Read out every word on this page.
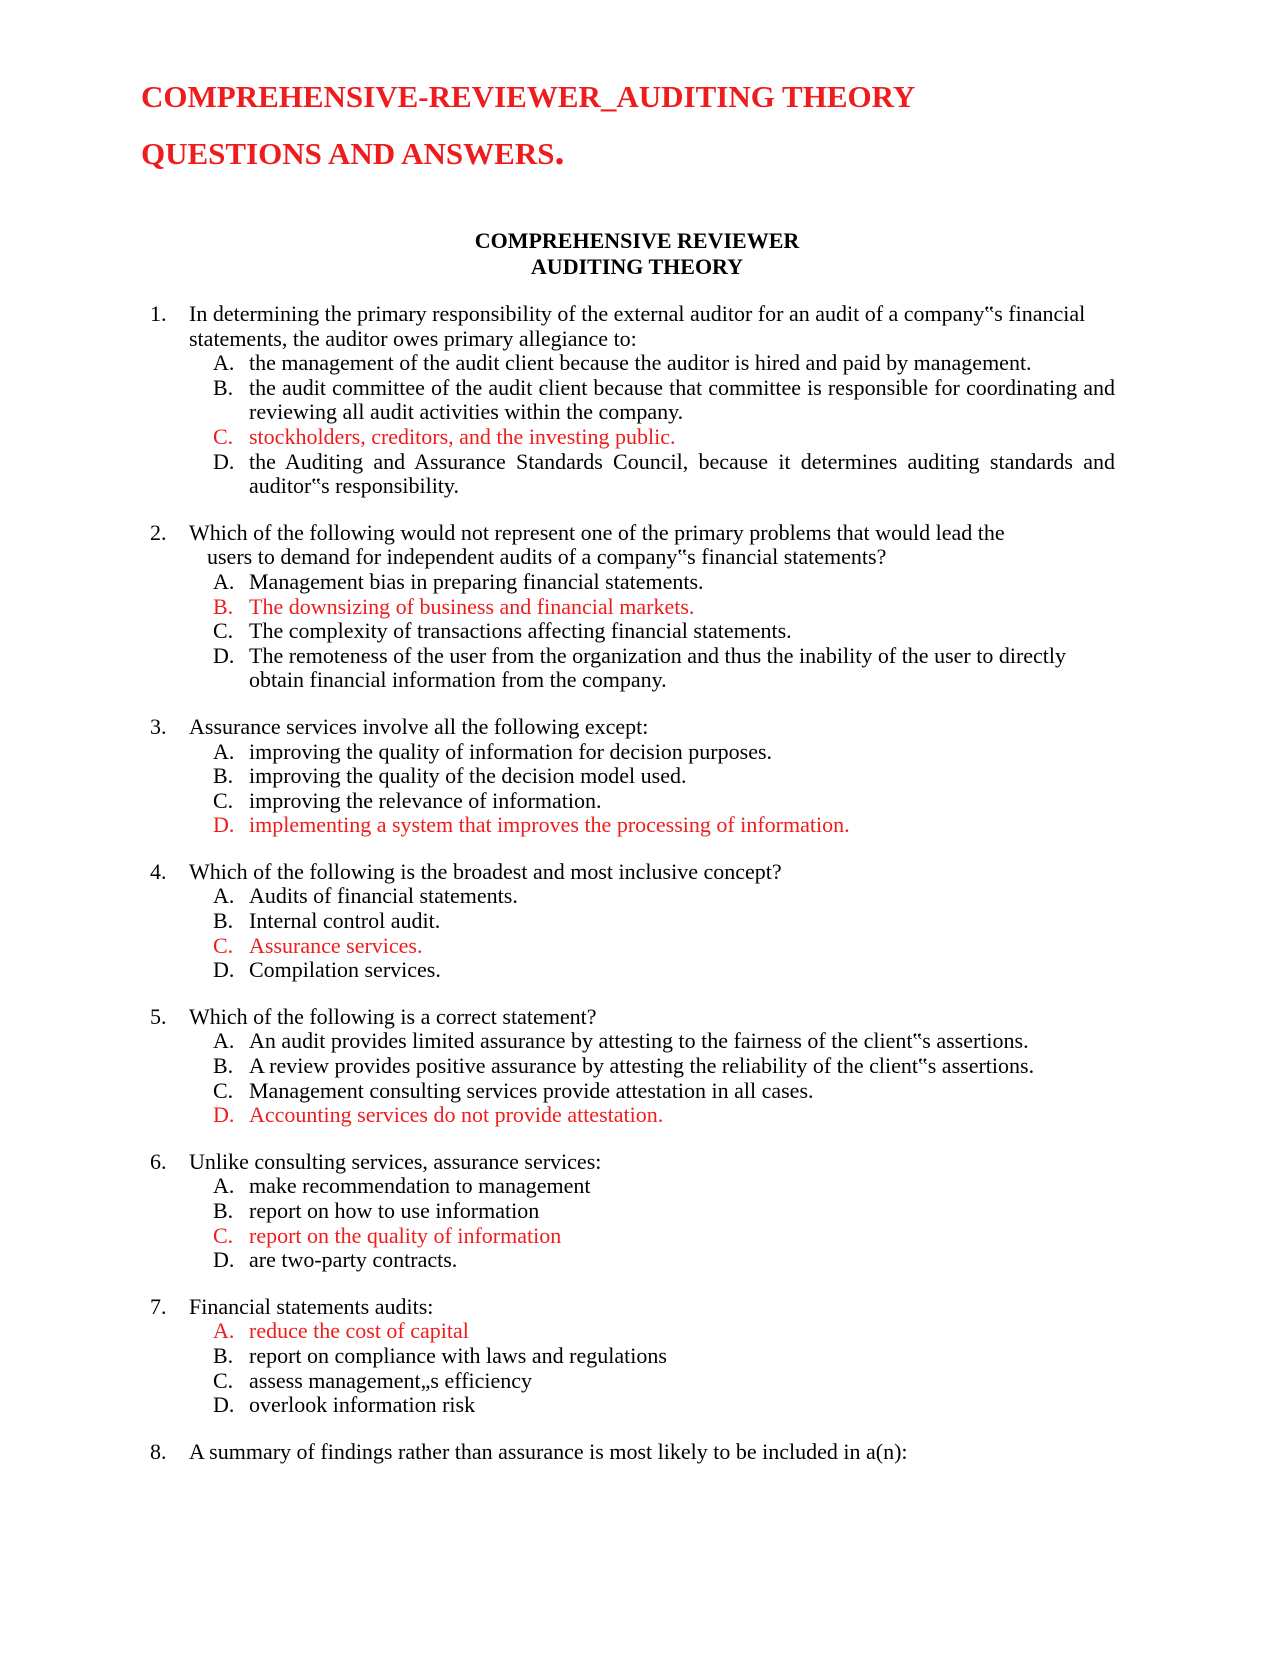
COMPREHENSIVE-REVIEWER_AUDITING THEORY
QUESTIONS AND ANSWERS.
COMPREHENSIVE REVIEWER
AUDITING THEORY
1. In determining the primary responsibility of the external auditor for an audit of a company‟s financial statements, the auditor owes primary allegiance to:
A. the management of the audit client because the auditor is hired and paid by management.
B. the audit committee of the audit client because that committee is responsible for coordinating and reviewing all audit activities within the company.
C. stockholders, creditors, and the investing public.
D. the Auditing and Assurance Standards Council, because it determines auditing standards and auditor‟s responsibility.
2. Which of the following would not represent one of the primary problems that would lead the
users to demand for independent audits of a company‟s financial statements?
A. Management bias in preparing financial statements.
B. The downsizing of business and financial markets.
C. The complexity of transactions affecting financial statements.
D. The remoteness of the user from the organization and thus the inability of the user to directly obtain financial information from the company.
3. Assurance services involve all the following except:
A. improving the quality of information for decision purposes.
B. improving the quality of the decision model used.
C. improving the relevance of information.
D. implementing a system that improves the processing of information.
4. Which of the following is the broadest and most inclusive concept?
A. Audits of financial statements.
B. Internal control audit.
C. Assurance services.
D. Compilation services.
5. Which of the following is a correct statement?
A. An audit provides limited assurance by attesting to the fairness of the client‟s assertions.
B. A review provides positive assurance by attesting the reliability of the client‟s assertions.
C. Management consulting services provide attestation in all cases.
D. Accounting services do not provide attestation.
6. Unlike consulting services, assurance services:
A. make recommendation to management
B. report on how to use information
C. report on the quality of information
D. are two-party contracts.
7. Financial statements audits:
A. reduce the cost of capital
B. report on compliance with laws and regulations
C. assess management„s efficiency
D. overlook information risk
8. A summary of findings rather than assurance is most likely to be included in a(n):
